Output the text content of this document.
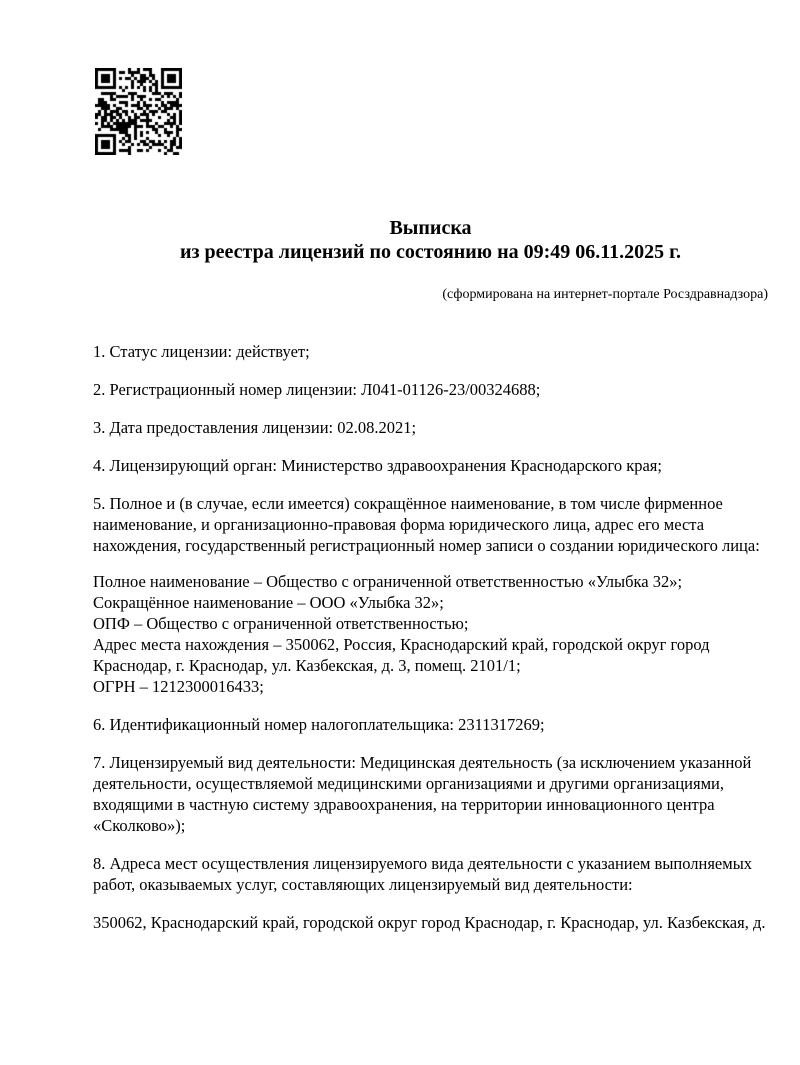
Выписка
из реестра лицензий по состоянию на 09:49 06.11.2025 г.
(сформирована на интернет-портале Росздравнадзора)

1. Статус лицензии: действует;

2. Регистрационный номер лицензии: Л041-01126-23/00324688;

3. Дата предоставления лицензии: 02.08.2021;

4. Лицензирующий орган: Министерство здравоохранения Краснодарского края;

5. Полное и (в случае, если имеется) сокращённое наименование, в том числе фирменное наименование, и организационно-правовая форма юридического лица, адрес его места нахождения, государственный регистрационный номер записи о создании юридического лица:

Полное наименование – Общество с ограниченной ответственностью «Улыбка 32»;
Сокращённое наименование – ООО «Улыбка 32»;
ОПФ – Общество с ограниченной ответственностью;
Адрес места нахождения – 350062, Россия, Краснодарский край, городской округ город Краснодар, г. Краснодар, ул. Казбекская, д. 3, помещ. 2101/1;
ОГРН – 1212300016433;

6. Идентификационный номер налогоплательщика: 2311317269;

7. Лицензируемый вид деятельности: Медицинская деятельность (за исключением указанной деятельности, осуществляемой медицинскими организациями и другими организациями, входящими в частную систему здравоохранения, на территории инновационного центра «Сколково»);

8. Адреса мест осуществления лицензируемого вида деятельности с указанием выполняемых работ, оказываемых услуг, составляющих лицензируемый вид деятельности:

350062, Краснодарский край, городской округ город Краснодар, г. Краснодар, ул. Казбекская, д.
